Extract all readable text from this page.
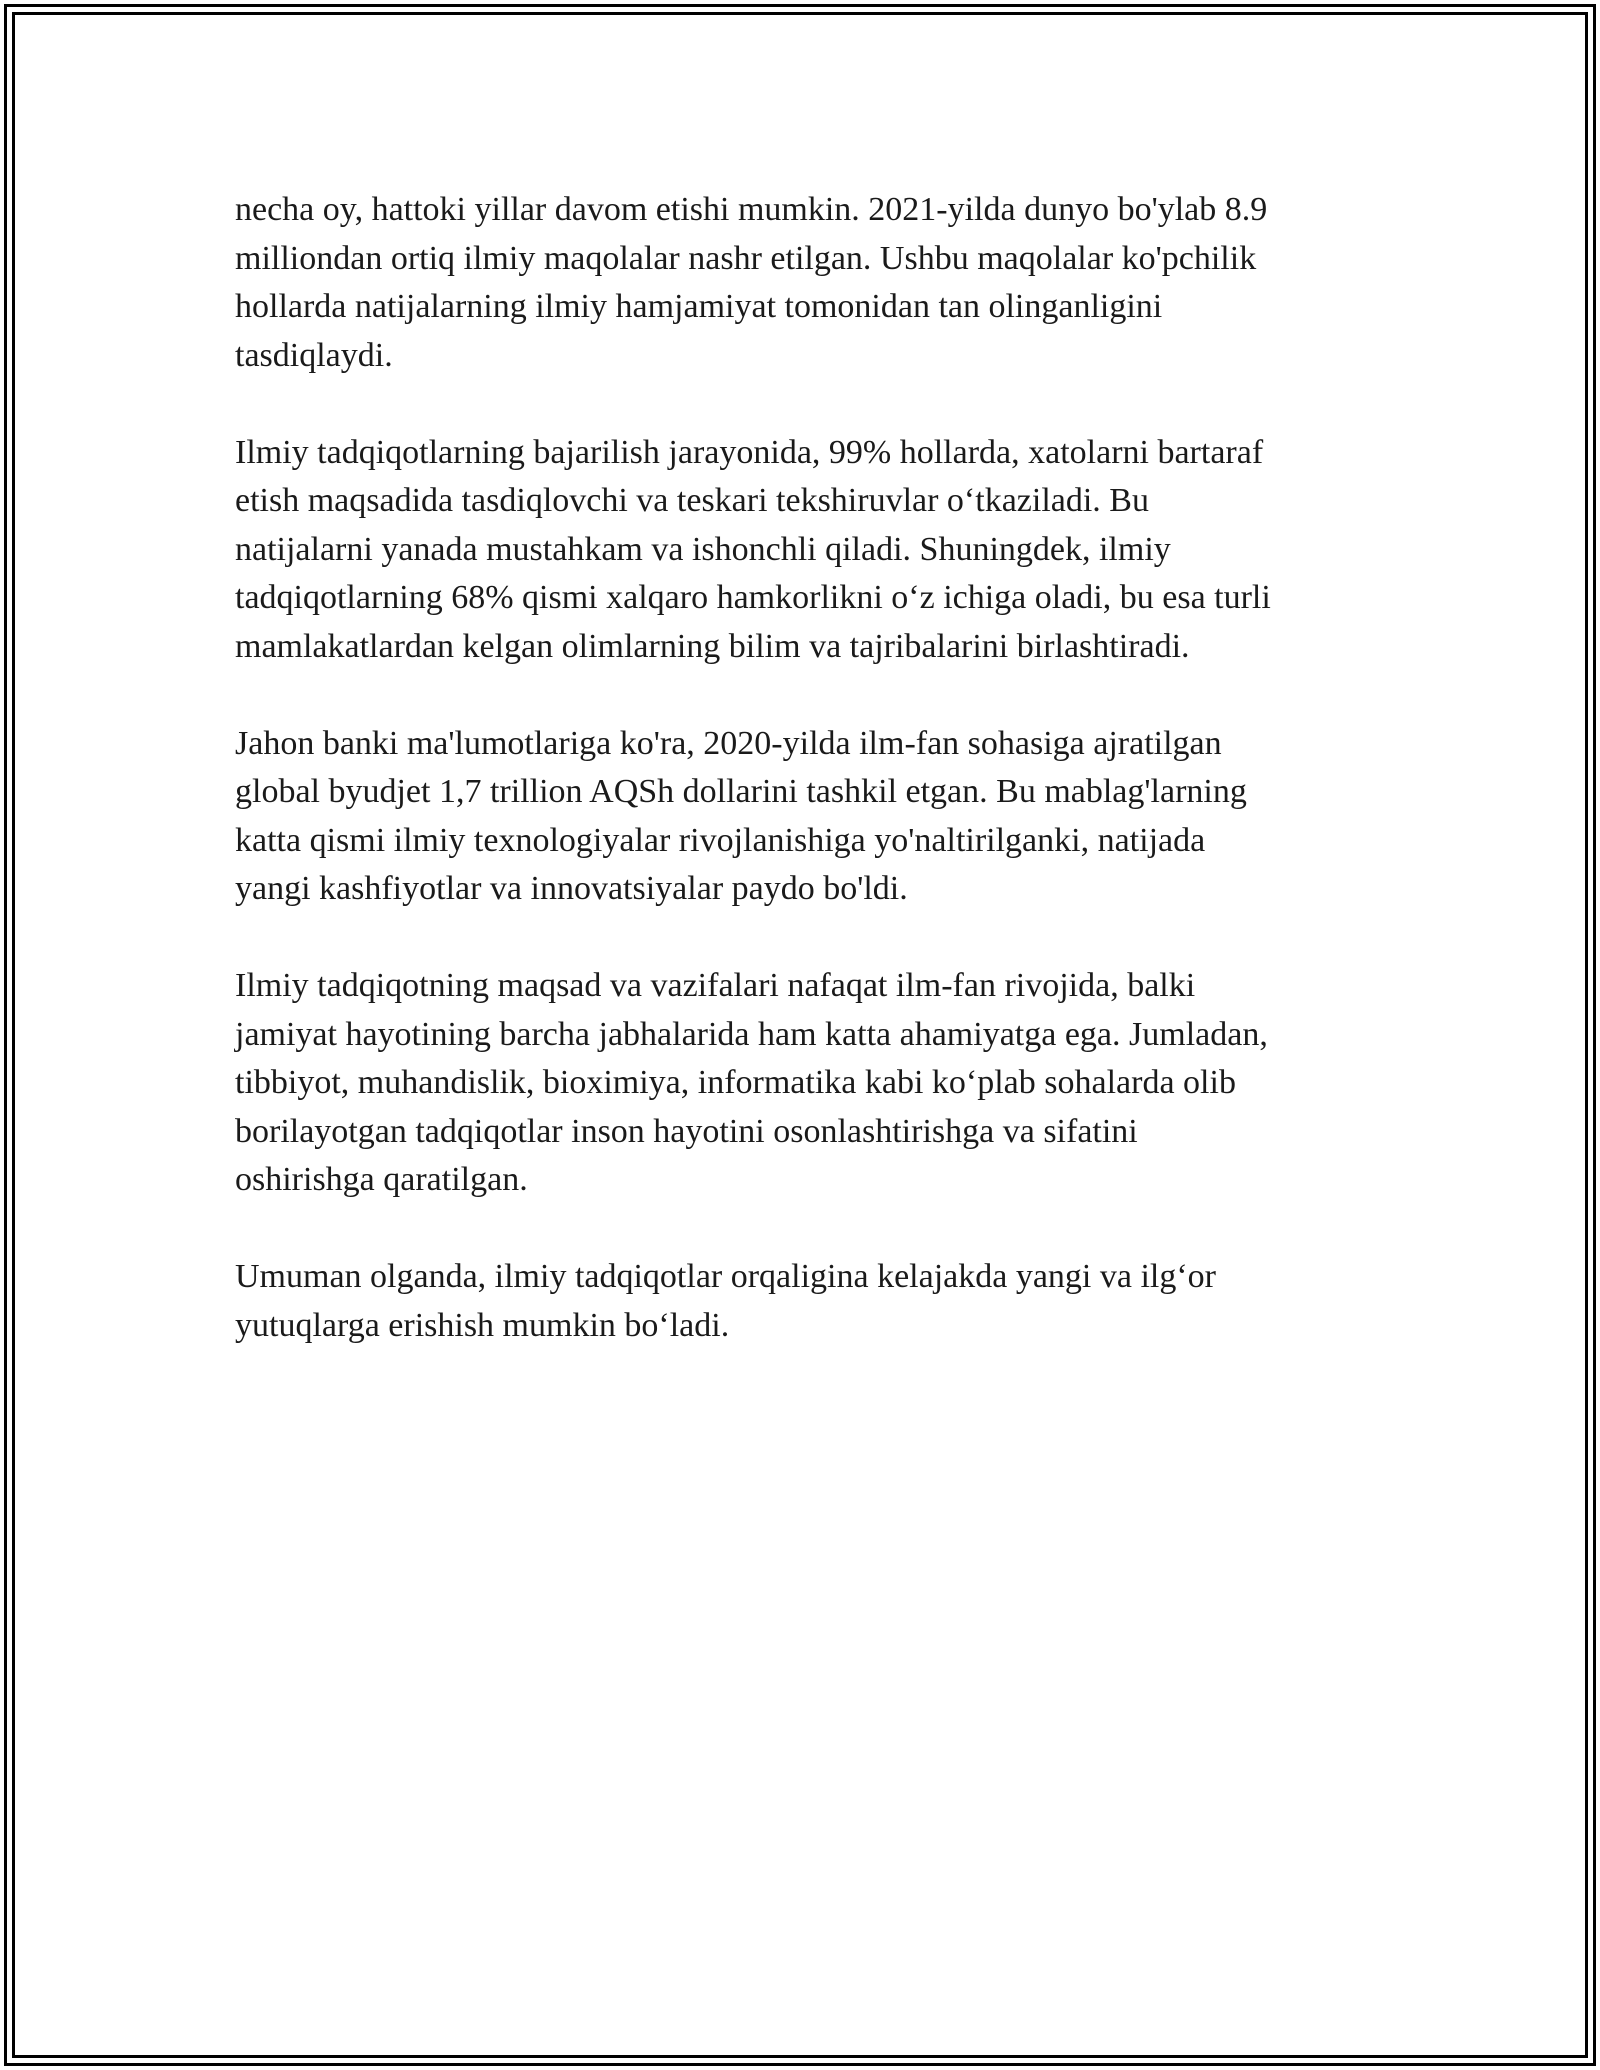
necha oy, hattoki yillar davom etishi mumkin. 2021-yilda dunyo bo'ylab 8.9
milliondan ortiq ilmiy maqolalar nashr etilgan. Ushbu maqolalar ko'pchilik
hollarda natijalarning ilmiy hamjamiyat tomonidan tan olinganligini
tasdiqlaydi.

Ilmiy tadqiqotlarning bajarilish jarayonida, 99% hollarda, xatolarni bartaraf
etish maqsadida tasdiqlovchi va teskari tekshiruvlar o‘tkaziladi. Bu
natijalarni yanada mustahkam va ishonchli qiladi. Shuningdek, ilmiy
tadqiqotlarning 68% qismi xalqaro hamkorlikni o‘z ichiga oladi, bu esa turli
mamlakatlardan kelgan olimlarning bilim va tajribalarini birlashtiradi.

Jahon banki ma'lumotlariga ko'ra, 2020-yilda ilm-fan sohasiga ajratilgan
global byudjet 1,7 trillion AQSh dollarini tashkil etgan. Bu mablag'larning
katta qismi ilmiy texnologiyalar rivojlanishiga yo'naltirilganki, natijada
yangi kashfiyotlar va innovatsiyalar paydo bo'ldi.

Ilmiy tadqiqotning maqsad va vazifalari nafaqat ilm-fan rivojida, balki
jamiyat hayotining barcha jabhalarida ham katta ahamiyatga ega. Jumladan,
tibbiyot, muhandislik, bioximiya, informatika kabi ko‘plab sohalarda olib
borilayotgan tadqiqotlar inson hayotini osonlashtirishga va sifatini
oshirishga qaratilgan.

Umuman olganda, ilmiy tadqiqotlar orqaligina kelajakda yangi va ilg‘or
yutuqlarga erishish mumkin bo‘ladi.
